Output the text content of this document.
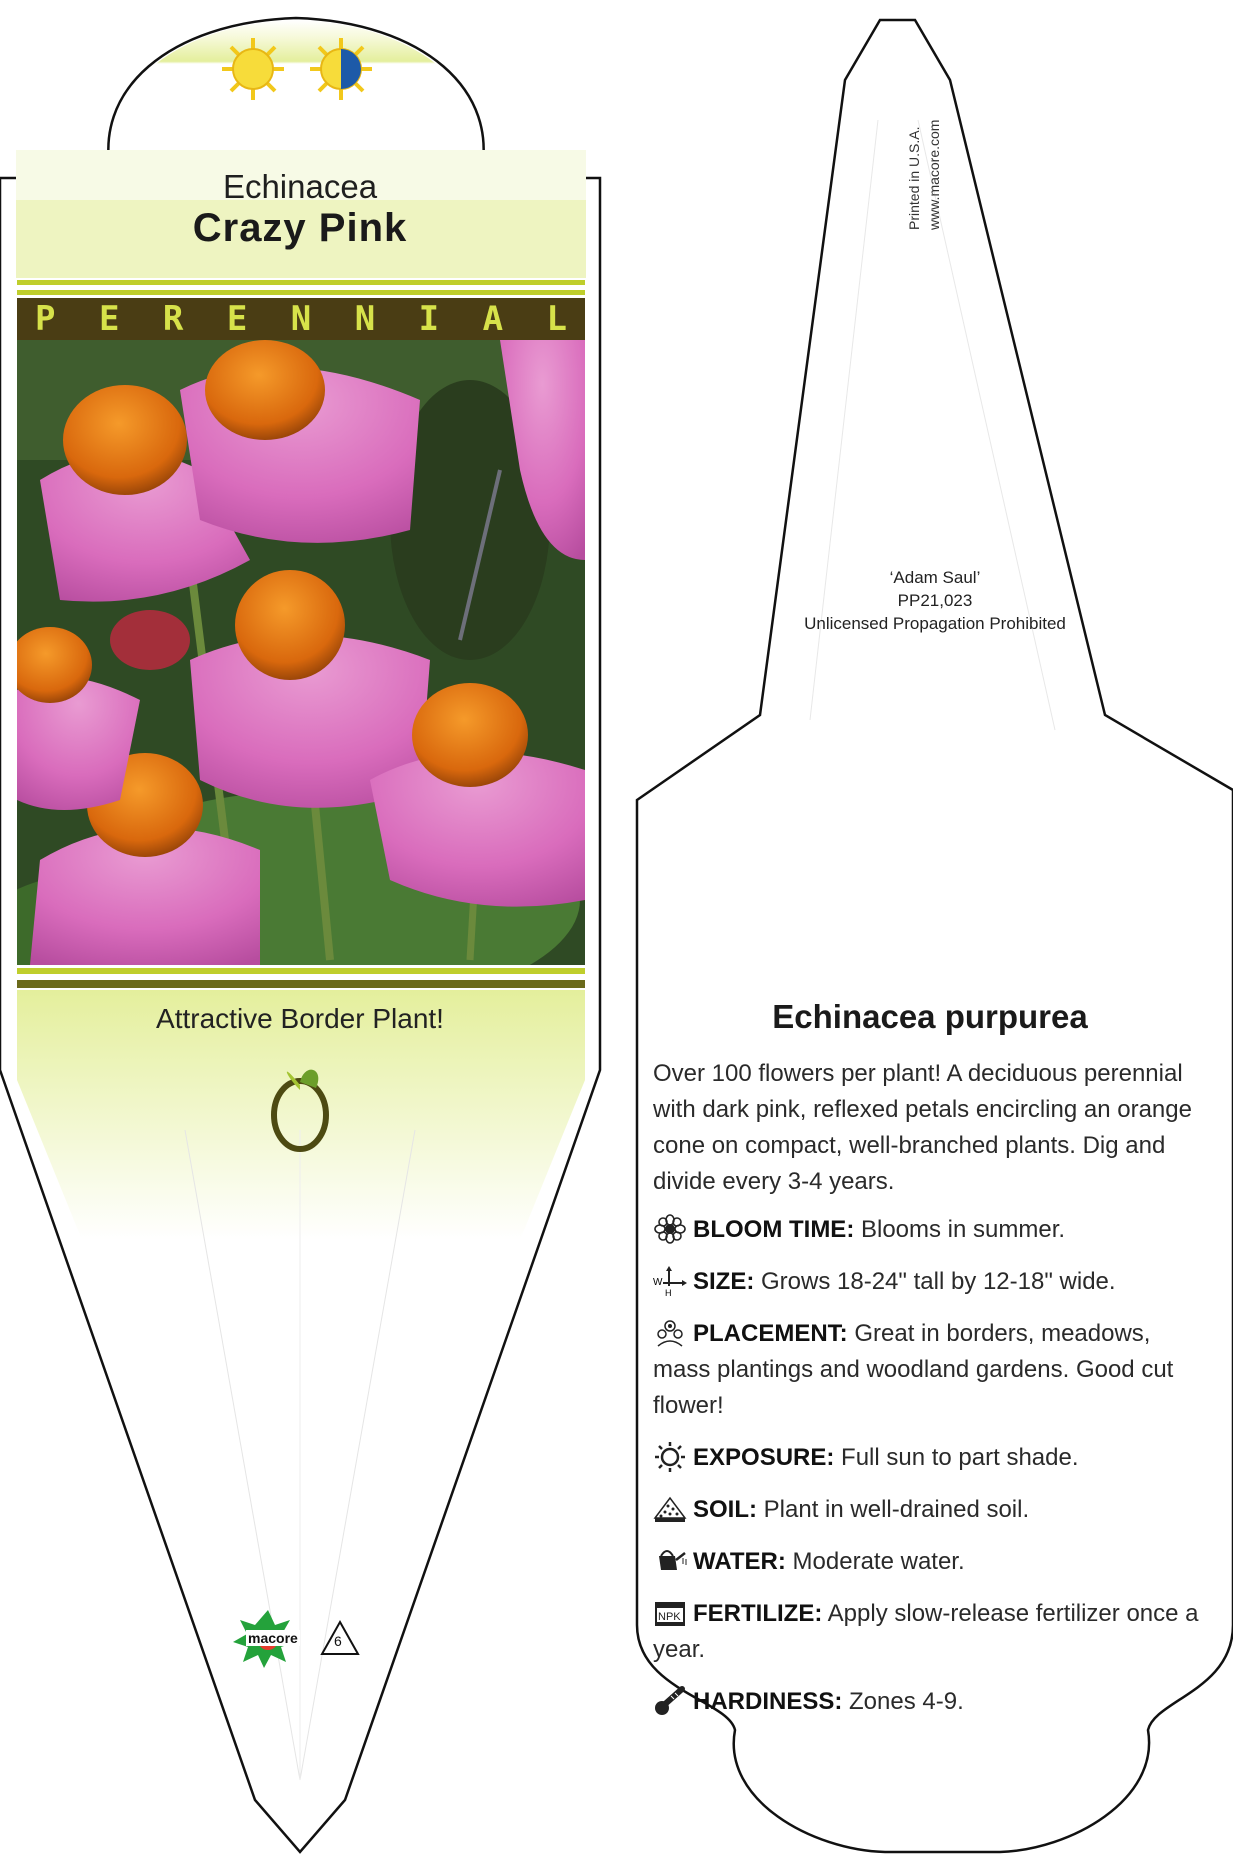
Echinacea
Crazy Pink
P E R E N N I A L
Attractive Border Plant!
macore	6
Printed in U.S.A. www.macore.com
‘Adam Saul’
PP21,023
Unlicensed Propagation Prohibited
Echinacea purpurea
Over 100 flowers per plant! A deciduous perennial with dark pink, reflexed petals encircling an orange cone on compact, well-branched plants. Dig and divide every 3-4 years.
BLOOM TIME: Blooms in summer.
W
H SIZE: Grows 18-24" tall by 12-18" wide.
PLACEMENT: Great in borders, meadows, mass plantings and woodland gardens. Good cut flower!
EXPOSURE: Full sun to part shade.
SOIL: Plant in well-drained soil.
WATER: Moderate water.
NPK FERTILIZE: Apply slow-release fertilizer once a year.
HARDINESS: Zones 4-9.
